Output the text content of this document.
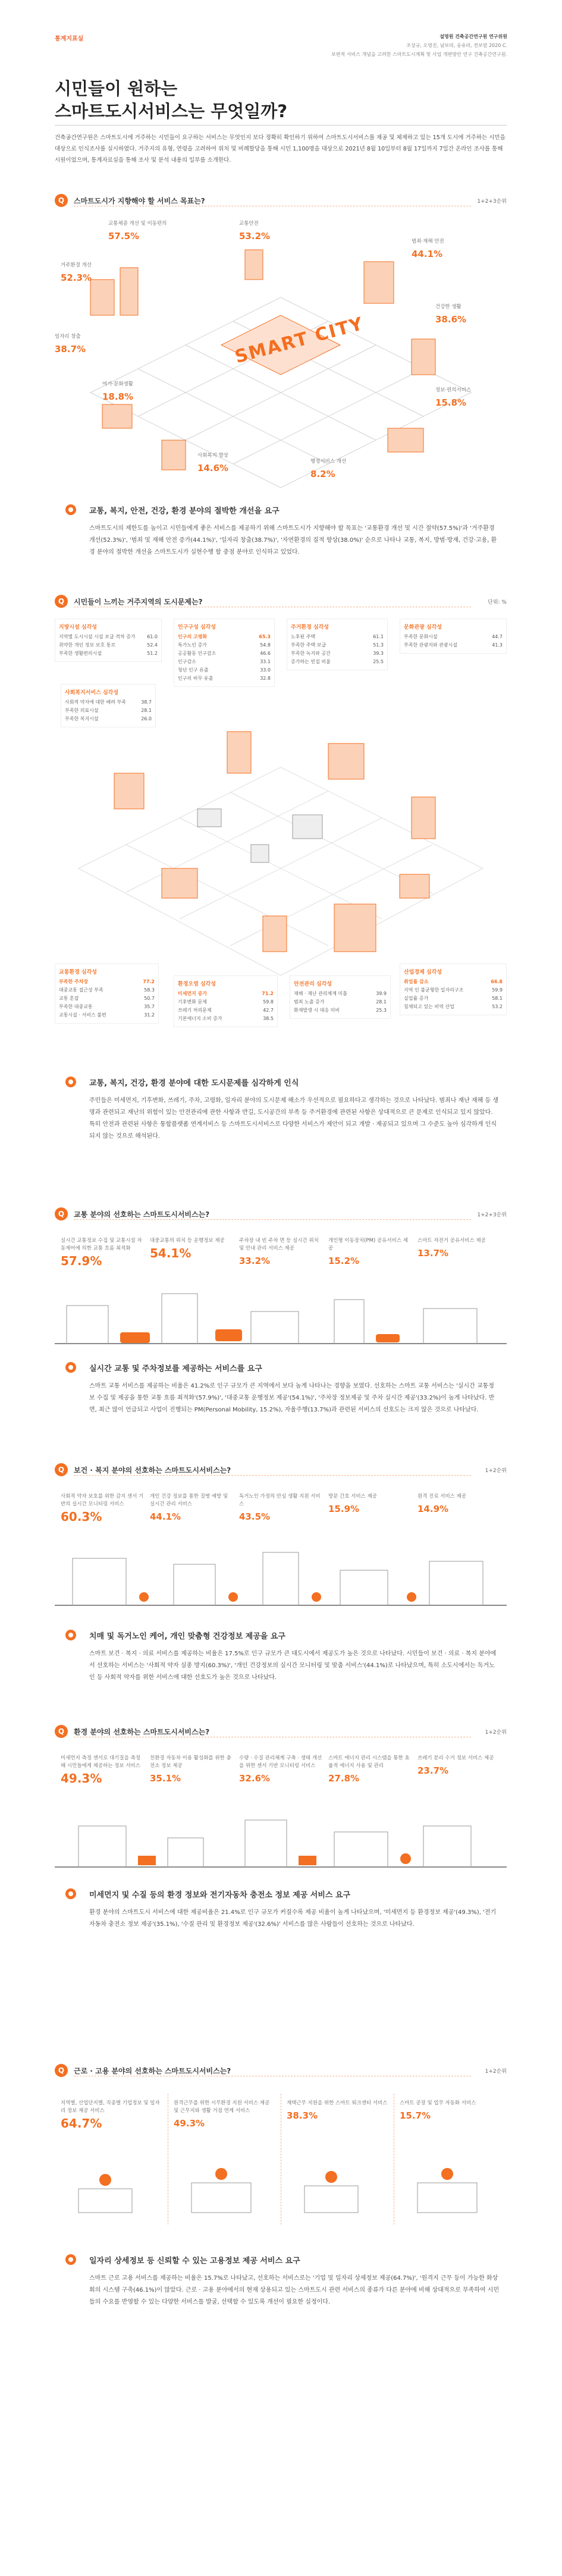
통계지표실	설명원 건축공간연구원 연구위원
조상규, 오영진, 남보라, 송유라, 전보람 2020 C.
보편적 서비스 개념을 고려한 스마트도시계획 및 사업 개편방안 연구 건축공간연구원.
시민들이 원하는
스마트도시서비스는 무엇일까?
건축공간연구원은 스마트도시에 거주하는 시민들이 요구하는 서비스는 무엇인지 보다 정확히 확인하기 위하여 스마트도시서비스를 제공 및 체제하고 있는 15개 도시에 거주하는 시민을 대상으로 인식조사를 실시하였다. 거주지의 유형, 연령을 고려하여 위치 및 비례할당을 통해 시민 1,100명을 대상으로 2021년 8월 10일부터 8월 17일까지 7일간 온라인 조사를 통해 시원이었으며, 통계자료실을 통해 조사 및 분석 내용의 일부를 소개한다.
Q	스마트도시가 지향해야 할 서비스 목표는?	1+2+3순위
SMART CITY
교통체증 개선 및 이동편의
57.5%
교통안전
53.2%
거주환경 개선
52.3%
범죄·재해 안전
44.1%
일자리 창출
38.7%
건강한 생활
38.6%
여가·문화생활
18.8%
정보·편의서비스
15.8%
사회복지 향상
14.6%
행정서비스 개선
8.2%
교통, 복지, 안전, 건강, 환경 분야의 절박한 개선을 요구
스마트도시의 제한도를 높이고 시민들에게 좋은 서비스를 제공하기 위해 스마트도시가 지향해야 할 목표는 '교통환경 개선 및 시간 절약(57.5%)'과 '거주환경 개선(52.3%)', '범죄 및 재해 안전 증가(44.1%)', '일자리 창출(38.7%)', '자연환경의 질적 향상(38.0%)' 순으로 나타나 교통, 복지, 방범·방재, 건강·고용, 환경 분야의 절박한 개선을 스마트도시가 실현수행 할 중점 분야로 인식하고 있었다.
Q	시민들이 느끼는 거주지역의 도시문제는?	단위: %
지방시설 심각성
지역별 도시시설 시설 보급 격차 증가 61.0
취약한 개인 정보 보호 통로	52.4
부족한 생활편의시설	51.2
인구구성 심각성
인구의 고령화	65.3
특가노인 증가	54.8
공공활동 인구감소	46.6
인구감소	33.1
청년 인구 유출	33.0
인구의 비무 유출	32.8
주거환경 심각성
노후된 주택	61.1
부족한 주택 보급	51.3
부족한 녹지와 공간	39.3
증가하는 빈집 비율	25.5
문화관광 심각성
부족한 문화시설	44.7
부족한 관광지와 관광시설	41.3
사회복지서비스 심각성
사회적 약자에 대한 배려 부족	38.7
부족한 의료시설	28.1
부족한 복지시설	26.0
교통환경 심각성
부족한 주차장	77.2
대중교통 접근성 부족	58.3
교통 혼잡	50.7
부족한 대중교통	35.7
교통시설 · 서비스 불편	31.2
환경오염 심각성
미세먼지 증가	71.2
기후변화 문제	59.8
쓰레기 처리문제	42.7
기본에너지 소비 증가	38.5
안전관리 심각성
재해 · 재난 관리체계 미흡	39.9
범죄 노출 증가	28.1
화재발생 시 대응 미비	25.3
산업경제 심각성
취업률 감소	66.8
지역 인 불균형한 일자리구조	59.9
실업률 증가	58.1
침체되고 있는 비역 산업	53.2
교통, 복지, 건강, 환경 분야에 대한 도시문제를 심각하게 인식
주민들은 미세먼지, 기후변화, 쓰레기, 주차, 고령화, 일자리 분야의 도시문제 해소가 우선적으로 필요하다고 생각하는 것으로 나타났다. 범죄나 재난 재해 등 생명과 관련되고 재난의 위험이 있는 안전관리에 관한 사항과 반길, 도시공간의 부족 등 주거환경에 관련된 사항은 상대적으로 큰 문제로 인식되고 있지 않았다. 특히 안전과 관련된 사항은 통합플랫폼 연계서비스 등 스마트도시서비스로 다양한 서비스가 제안이 되고 개발 · 제공되고 있으며 그 수준도 높아 심각하게 인식되지 않는 것으로 해석된다.
Q	교통 분야의 선호하는 스마트도시서비스는?	1+2+3순위
실시간 교통정보 수집 및 교통시설 자동제어에 의한 교통 흐름 최적화
57.9%
대중교통의 위치 등 운행정보 제공
54.1%
주차장 내 빈 주차 면 등 실시간 위치 및 안내 관리 서비스 제공
33.2%
개인형 이동장치(PM) 공유서비스 제공
15.2%
스마트 자전거 공유서비스 제공
13.7%
실시간 교통 및 주차정보를 제공하는 서비스를 요구
스마트 교통 서비스를 제공하는 비율은 41.2%로 인구 규모가 큰 지역에서 보다 높게 나타나는 경향을 보였다. 선호하는 스마트 교통 서비스는 '실시간 교통정보 수집 및 제공을 통한 교통 흐름 최적화'(57.9%)', '대중교통 운행정보 제공'(54.1%)', '주차장 정보제공 및 주차 실시간 제공'(33.2%)이 높게 나타났다. 반면, 최근 많이 언급되고 사업이 진행되는 PM(Personal Mobility, 15.2%), 자율주행(13.7%)과 관련된 서비스의 선호도는 크지 않은 것으로 나타났다.
Q	보건 · 복지 분야의 선호하는 스마트도시서비스는?	1+2순위
사회적 약자 보호를 위한 감지 센서 기반의 실시간 모니터링 서비스
60.3%
개인 건강 정보를 통한 질병 예방 및 실시간 관리 서비스
44.1%
독거노인 가정의 안심 생활 지원 서비스
43.5%
방문 간호 서비스 제공
15.9%
원격 진료 서비스 제공
14.9%
치매 및 독거노인 케어, 개인 맞춤형 건강정보 제공을 요구
스마트 보건 · 복지 · 의료 서비스를 제공하는 비율은 17.5%로 인구 규모가 큰 대도시에서 제공도가 높은 것으로 나타났다. 시민들이 보건 · 의료 · 복지 분야에서 선호하는 서비스는 '사회적 약자 실종 방지(60.3%)', '개인 건강정보의 실시간 모니터링 및 맞춤 서비스'(44.1%)로 나타났으며, 특히 소도시에서는 독거노인 등 사회적 약자를 위한 서비스에 대한 선호도가 높은 것으로 나타났다.
Q	환경 분야의 선호하는 스마트도시서비스는?	1+2순위
미세먼지 측정 센서로 대기질을 측정해 시민들에게 제공하는 정보 서비스
49.3%
친환경 자동차 이용 활성화를 위한 충전소 정보 제공
35.1%
수량 · 수질 관리체계 구축 · 생태 개선을 위한 센서 기반 모니터링 서비스
32.6%
스마트 에너지 관리 시스템을 통한 효율적 에너지 사용 및 관리
27.8%
쓰레기 분리 수거 정보 서비스 제공
23.7%
미세먼지 및 수질 등의 환경 정보와 전기자동차 충전소 정보 제공 서비스 요구
환경 분야의 스마트도시 서비스에 대한 제공비율은 21.4%로 인구 규모가 커질수록 제공 비율이 높게 나타났으며, '미세먼지 등 환경정보 제공'(49.3%), '전기자동차 충전소 정보 제공'(35.1%), '수질 관리 및 환경정보 제공'(32.6%)' 서비스를 많은 사람들이 선호하는 것으로 나타났다.
Q	근로 · 고용 분야의 선호하는 스마트도시서비스는?	1+2순위
지역별, 산업단지별, 직종별 기업정보 및 일자리 정보 제공 서비스
64.7%
원격근무를 위한 시무환경 지원 서비스 제공 및 근무지와 생활 거점 연계 서비스
49.3%
재택근무 지원을 위한 스마트 워크센터 서비스
38.3%
스마트 공장 및 업무 자동화 서비스
15.7%
일자리 상세정보 등 신뢰할 수 있는 고용정보 제공 서비스 요구
스마트 근로 고용 서비스를 제공하는 비율은 15.7%로 나타났고, 선호하는 서비스로는 '기업 및 일자리 상세정보 제공(64.7%)', '원격지 근무 등이 가능한 화상회의 시스템 구축(46.1%)이 많았다. 근로 · 고용 분야에서의 현재 상용되고 있는 스마트도시 관련 서비스의 종류가 다른 분야에 비해 상대적으로 부족하여 시민들의 수요를 반영할 수 있는 다양한 서비스를 발굴, 선택할 수 있도록 개선이 필요한 실정이다.
